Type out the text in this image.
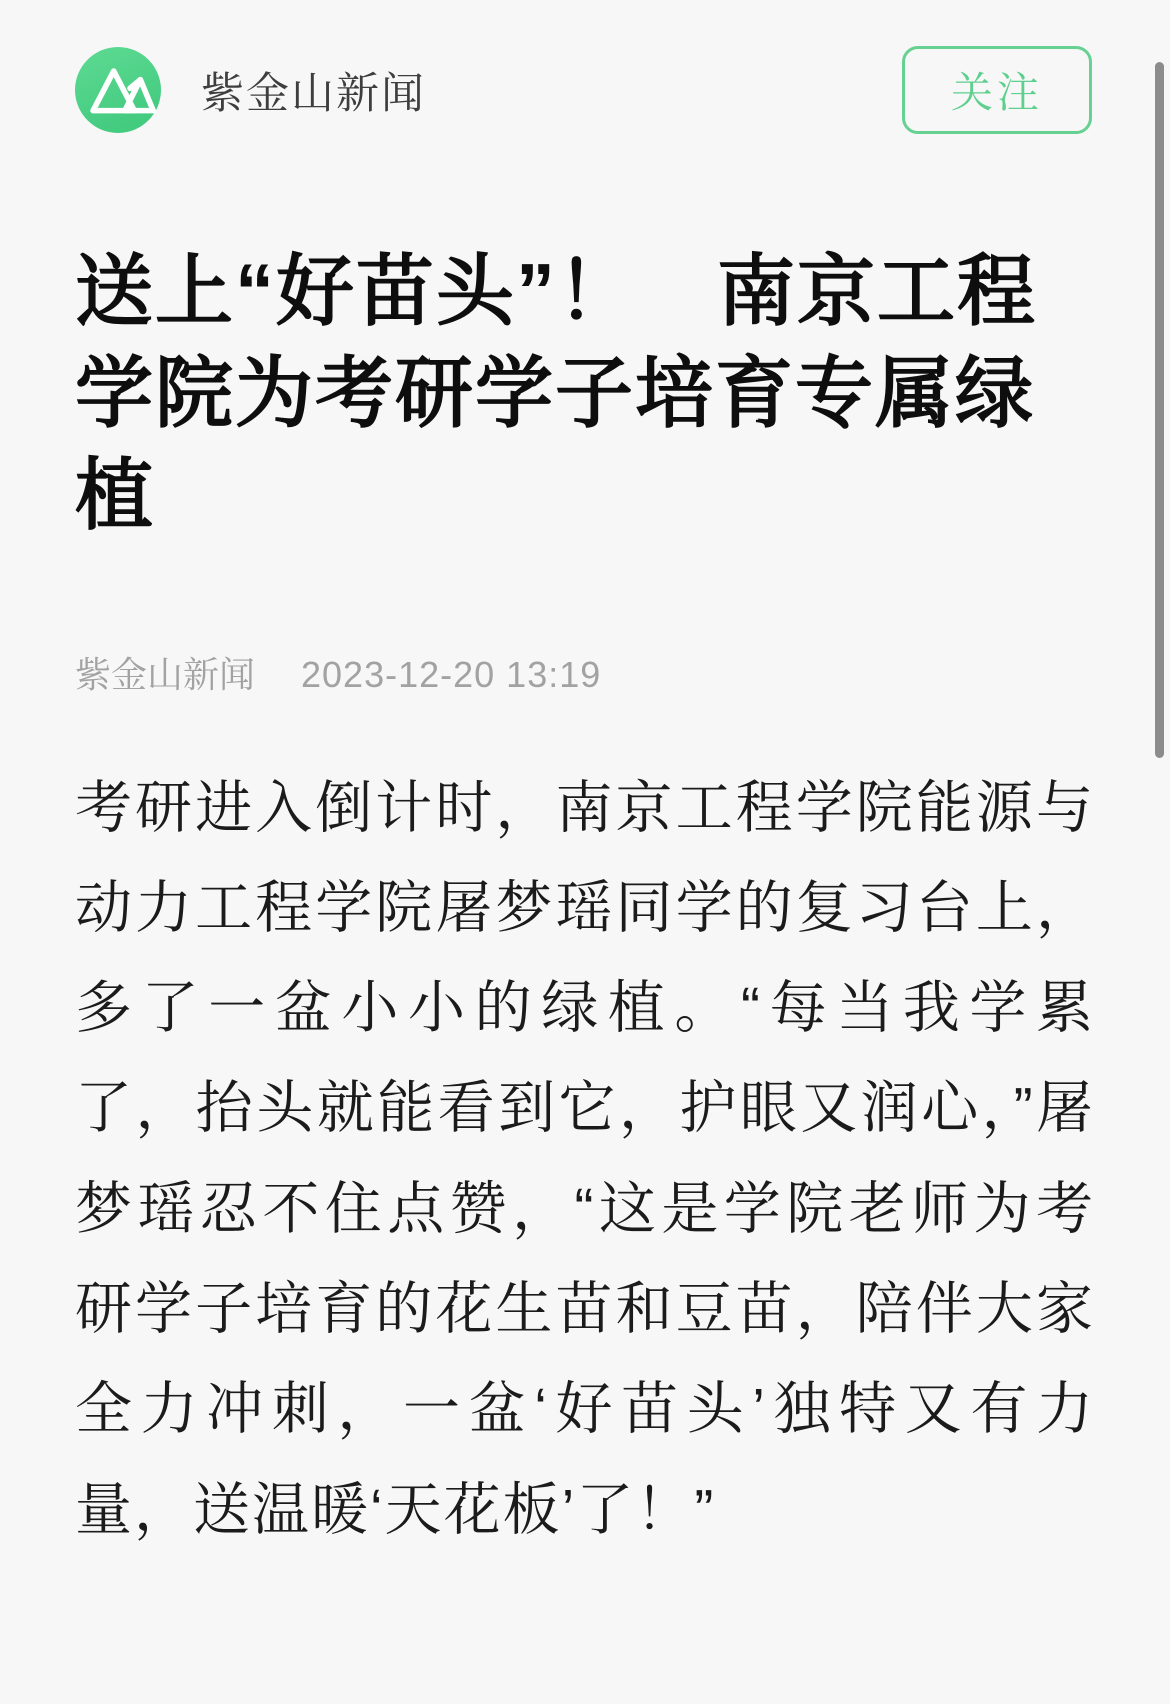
紫金山新闻	关注
送上“好苗头”！　南京工程学院为考研学子培育专属绿植
紫金山新闻 2023-12-20 13:19

考研进入倒计时，南京工程学院能源与动力工程学院屠梦瑶同学的复习台上，多了一盆小小的绿植。“每当我学累了，抬头就能看到它，护眼又润心，”屠梦瑶忍不住点赞，“这是学院老师为考研学子培育的花生苗和豆苗，陪伴大家全力冲刺，一盆‘好苗头’独特又有力量，送温暖‘天花板’了！”
